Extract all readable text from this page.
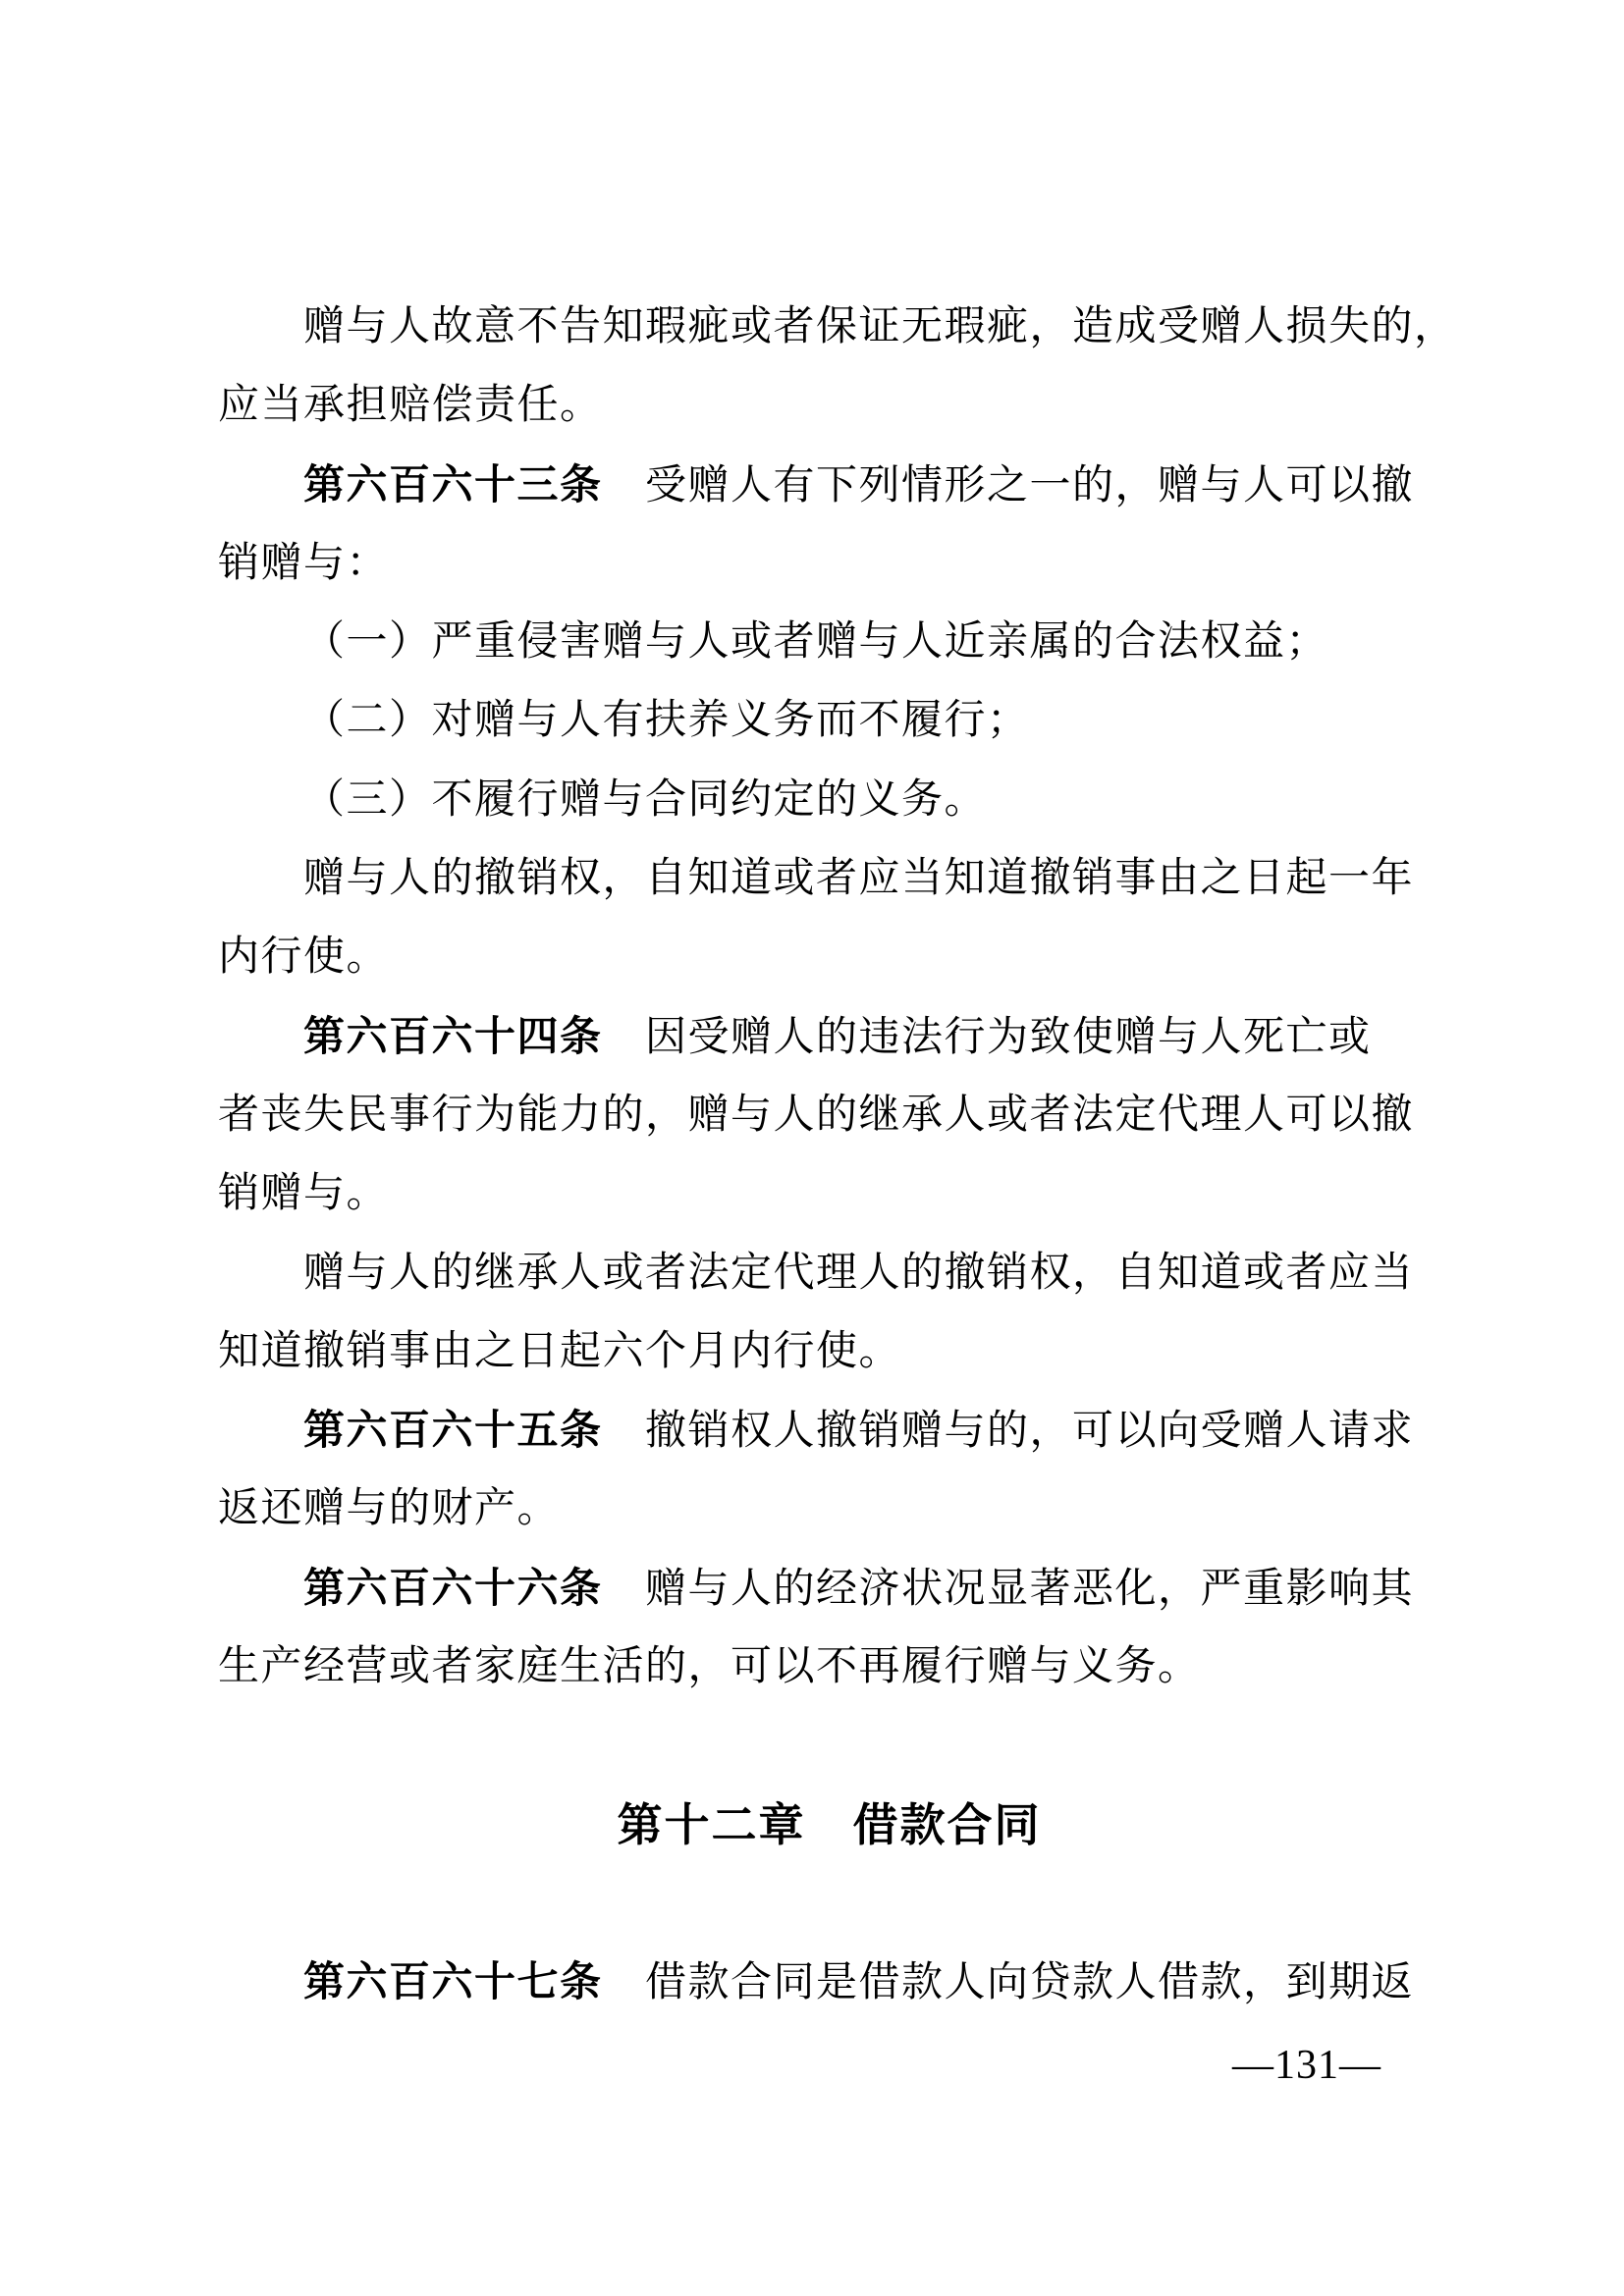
赠与人故意不告知瑕疵或者保证无瑕疵，造成受赠人损失的，
应当承担赔偿责任。
第六百六十三条　受赠人有下列情形之一的，赠与人可以撤
销赠与：
（一）严重侵害赠与人或者赠与人近亲属的合法权益；
（二）对赠与人有扶养义务而不履行；
（三）不履行赠与合同约定的义务。
赠与人的撤销权，自知道或者应当知道撤销事由之日起一年
内行使。
第六百六十四条　因受赠人的违法行为致使赠与人死亡或
者丧失民事行为能力的，赠与人的继承人或者法定代理人可以撤
销赠与。
赠与人的继承人或者法定代理人的撤销权，自知道或者应当
知道撤销事由之日起六个月内行使。
第六百六十五条　撤销权人撤销赠与的，可以向受赠人请求
返还赠与的财产。
第六百六十六条　赠与人的经济状况显著恶化，严重影响其
生产经营或者家庭生活的，可以不再履行赠与义务。
第十二章　借款合同
第六百六十七条　借款合同是借款人向贷款人借款，到期返
—131—
